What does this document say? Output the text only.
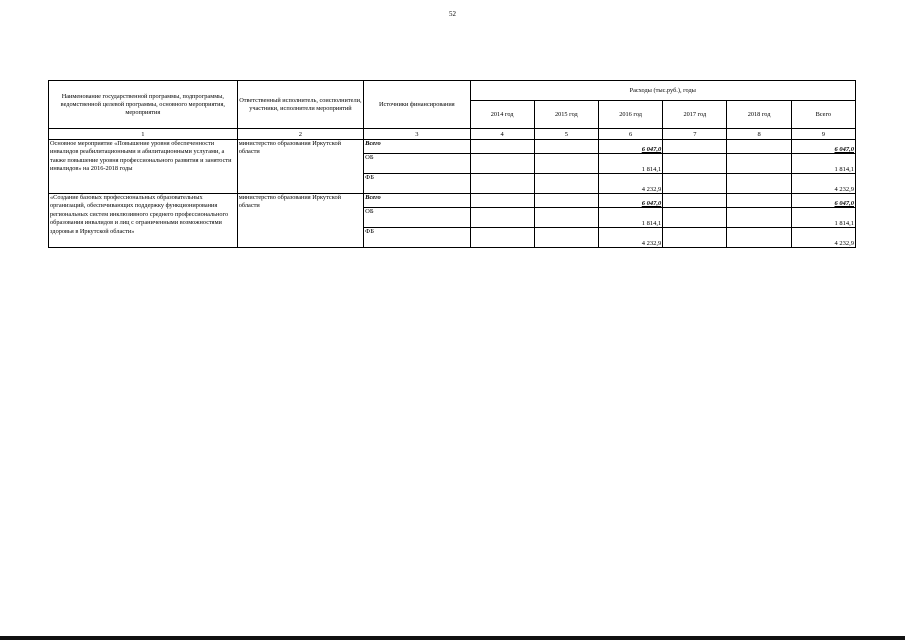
52
Наименование государственной программы, подпрограммы, ведомственной целевой программы, основного мероприятия, мероприятия	Ответственный исполнитель, соисполнители, участники, исполнители мероприятий	Источники финансирования	Расходы (тыс.руб.), годы					
			2014 год	2015 год	2016 год	2017 год	2018 год	Всего
1	2	3	4	5	6	7	8	9
Основное мероприятие «Повышение уровня обеспеченности инвалидов реабилитационными и абилитационными услугами, а также повышение уровня профессионального развития и занятости инвалидов» на 2016-2018 годы	министерство образования Иркутской области	Всего			6 047,0			6 047,0
		ОБ			1 814,1			1 814,1
		ФБ			4 232,9			4 232,9
«Создание базовых профессиональных образовательных организаций, обеспечивающих поддержку функционирования региональных систем инклюзивного среднего профессионального образования инвалидов и лиц с ограниченными возможностями здоровья в Иркутской области»	министерство образования Иркутской области	Всего			6 047,0			6 047,0
		ОБ			1 814,1			1 814,1
		ФБ			4 232,9			4 232,9
